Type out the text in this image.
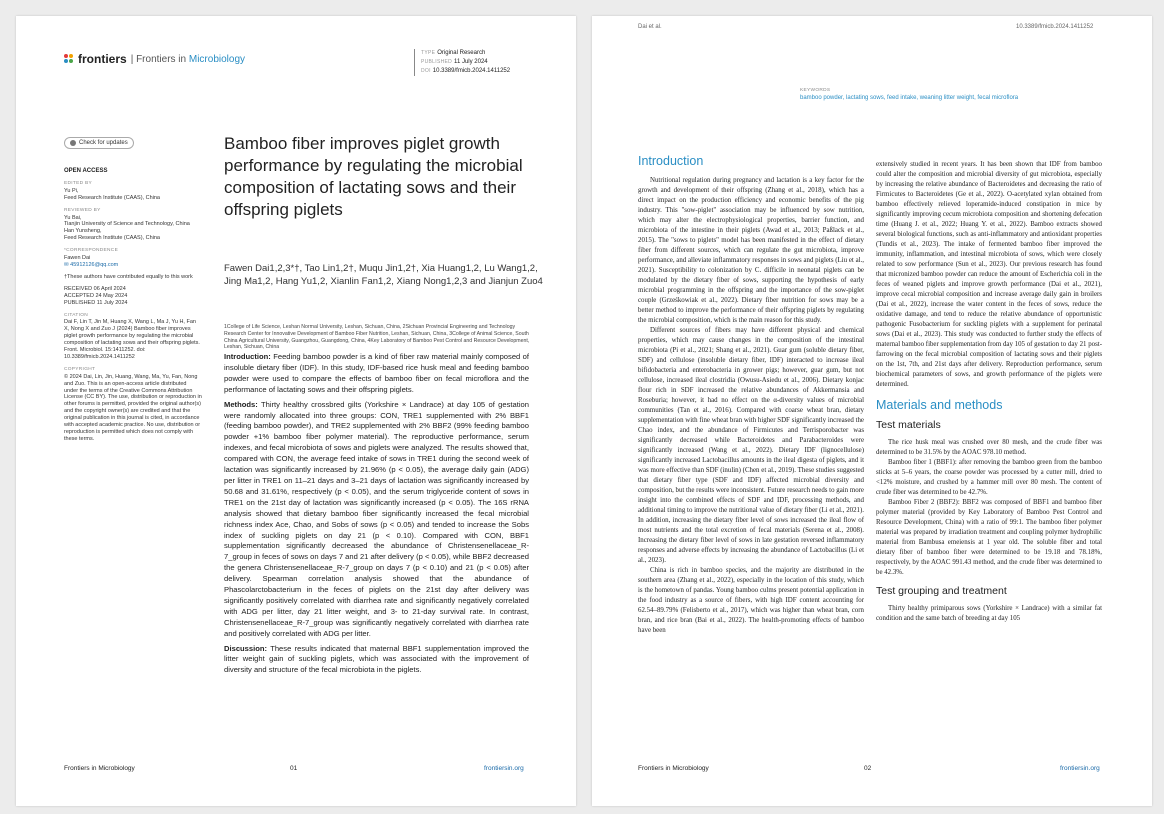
frontiers | Frontiers in Microbiology
TYPE Original Research
PUBLISHED 11 July 2024
DOI 10.3389/fmicb.2024.1411252
Check for updates
OPEN ACCESS
EDITED BY

Yu Pi,

Feed Research Institute (CAAS), China

REVIEWED BY

Yu Bai,

Tianjin University of Science and Technology, China

Han Yunsheng,

Feed Research Institute (CAAS), China

*CORRESPONDENCE

Fawen Dai

✉ 45912126@qq.com

†These authors have contributed equally to this work

RECEIVED 06 April 2024

ACCEPTED 24 May 2024

PUBLISHED 11 July 2024

CITATION

Dai F, Lin T, Jin M, Huang X, Wang L, Ma J, Yu H, Fan X, Nong X and Zuo J (2024) Bamboo fiber improves piglet growth performance by regulating the microbial composition of lactating sows and their offspring piglets. Front. Microbiol. 15:1411252. doi: 10.3389/fmicb.2024.1411252

COPYRIGHT

© 2024 Dai, Lin, Jin, Huang, Wang, Ma, Yu, Fan, Nong and Zuo. This is an open-access article distributed under the terms of the Creative Commons Attribution License (CC BY). The use, distribution or reproduction in other forums is permitted, provided the original author(s) and the copyright owner(s) are credited and that the original publication in this journal is cited, in accordance with accepted academic practice. No use, distribution or reproduction is permitted which does not comply with these terms.

Bamboo fiber improves piglet growth performance by regulating the microbial composition of lactating sows and their offspring piglets
Fawen Dai1,2,3*†, Tao Lin1,2†, Muqu Jin1,2†, Xia Huang1,2, Lu Wang1,2, Jing Ma1,2, Hang Yu1,2, Xianlin Fan1,2, Xiang Nong1,2,3 and Jianjun Zuo4
1College of Life Science, Leshan Normal University, Leshan, Sichuan, China, 2Sichuan Provincial Engineering and Technology Research Center for Innovative Development of Bamboo Fiber Nutrition, Leshan, Sichuan, China, 3College of Animal Science, South China Agricultural University, Guangzhou, Guangdong, China, 4Key Laboratory of Bamboo Pest Control and Resource Development, Leshan, Sichuan, China

Introduction: Feeding bamboo powder is a kind of fiber raw material mainly composed of insoluble dietary fiber (IDF). In this study, IDF-based rice husk meal and feeding bamboo powder were used to compare the effects of bamboo fiber on fecal microflora and the performance of lactating sows and their offspring piglets.

Methods: Thirty healthy crossbred gilts (Yorkshire × Landrace) at day 105 of gestation were randomly allocated into three groups: CON, TRE1 supplemented with 2% BBF1 (feeding bamboo powder), and TRE2 supplemented with 2% BBF2 (99% feeding bamboo powder +1% bamboo fiber polymer material). The reproductive performance, serum indexes, and fecal microbiota of sows and piglets were analyzed. The results showed that, compared with CON, the average feed intake of sows in TRE1 during the second week of lactation was significantly increased by 21.96% (p < 0.05), the average daily gain (ADG) per litter in TRE1 on 11–21 days and 3–21 days of lactation was significantly increased by 50.68 and 31.61%, respectively (p < 0.05), and the serum triglyceride content of sows in TRE1 on the 21st day of lactation was significantly increased (p < 0.05). The 16S rRNA analysis showed that dietary bamboo fiber significantly increased the fecal microbial richness index Ace, Chao, and Sobs of sows (p < 0.05) and tended to increase the Sobs index of suckling piglets on day 21 (p < 0.10). Compared with CON, BBF1 supplementation significantly decreased the abundance of Christensenellaceae_R-7_group in feces of sows on days 7 and 21 after delivery (p < 0.05), while BBF2 decreased the genera Christensenellaceae_R-7_group on days 7 (p < 0.10) and 21 (p < 0.05) after delivery. Spearman correlation analysis showed that the abundance of Phascolarctobacterium in the feces of piglets on the 21st day after delivery was significantly positively correlated with diarrhea rate and significantly negatively correlated with ADG per litter, day 21 litter weight, and 3- to 21-day survival rate. In contrast, Christensenellaceae_R-7_group was significantly negatively correlated with diarrhea rate and positively correlated with ADG per litter.

Discussion: These results indicated that maternal BBF1 supplementation improved the litter weight gain of suckling piglets, which was associated with the improvement of diversity and structure of the fecal microbiota in the piglets.

Frontiers in Microbiology	01	frontiersin.org
Dai et al.	10.3389/fmicb.2024.1411252
KEYWORDS
bamboo powder, lactating sows, feed intake, weaning litter weight, fecal microflora
Introduction

Nutritional regulation during pregnancy and lactation is a key factor for the growth and development of their offspring (Zhang et al., 2018), which has a direct impact on the production efficiency and economic benefits of the pig industry. This "sow-piglet" association may be influenced by sow nutrition, which may alter the electrophysiological properties, barrier function, and microbiota of the intestine in their piglets (Awad et al., 2013; Paßlack et al., 2015). The "sows to piglets" model has been manifested in the effect of dietary fiber from different sources, which can regulate the gut microbiota, improve performance, and alleviate inflammatory responses in sows and piglets (Liu et al., 2021). Susceptibility to colonization by C. difficile in neonatal piglets can be modulated by the dietary fiber of sows, supporting the hypothesis of early microbial programming in the offspring and the importance of the sow-piglet couple (Grześkowiak et al., 2022). Dietary fiber nutrition for sows may be a better method to improve the performance of their offspring piglets by regulating the microbial composition, which is the main reason for this study.

Different sources of fibers may have different physical and chemical properties, which may cause changes in the composition of the intestinal microbiota (Pi et al., 2021; Shang et al., 2021). Guar gum (soluble dietary fiber, SDF) and cellulose (insoluble dietary fiber, IDF) interacted to increase ileal bifidobacteria and enterobacteria in grower pigs; however, guar gum, but not cellulose, increased ileal clostridia (Owusu-Asiedu et al., 2006). Dietary konjac flour rich in SDF increased the relative abundances of Akkermansia and Roseburia; however, it had no effect on the α-diversity values of microbial communities (Tan et al., 2016). Compared with coarse wheat bran, dietary supplementation with fine wheat bran with higher SDF significantly increased the Chao index, and the abundance of Firmicutes and Terrisporobacter was significantly decreased while Bacteroidetes and Parabacteroides were significantly increased (Wang et al., 2022). Dietary IDF (lignocellulose) significantly increased Lactobacillus amounts in the ileal digesta of piglets, and it was more effective than SDF (inulin) (Chen et al., 2019). These studies suggested that dietary fiber type (SDF and IDF) affected microbial diversity and composition, but the results were inconsistent. Future research needs to gain more insight into the combined effects of SDF and IDF, processing methods, and additional timing to improve the nutritional value of dietary fiber (Li et al., 2021). In addition, increasing the dietary fiber level of sows increased the ileal flow of most nutrients and the total excretion of fecal materials (Serena et al., 2008). Increasing the dietary fiber level of sows in late gestation reversed inflammatory responses and adverse effects by increasing the abundance of Lactobacillus (Li et al., 2023).

China is rich in bamboo species, and the majority are distributed in the southern area (Zhang et al., 2022), especially in the location of this study, which is the hometown of pandas. Young bamboo culms present potential application in the food industry as a source of fibers, with high IDF content accounting for 62.54–89.79% (Felisberto et al., 2017), which was higher than wheat bran, corn bran, and rice bran (Bai et al., 2022). The health-promoting effects of bamboo have been

extensively studied in recent years. It has been shown that IDF from bamboo could alter the composition and microbial diversity of gut microbiota, especially by increasing the relative abundance of Bacteroidetes and decreasing the ratio of Firmicutes to Bacteroidetes (Ge et al., 2022). O-acetylated xylan obtained from bamboo effectively relieved loperamide-induced constipation in mice by significantly improving cecum microbiota composition and shortening defecation time (Huang J. et al., 2022; Huang Y. et al., 2022). Bamboo extracts showed several biological functions, such as anti-inflammatory and antioxidant properties (Tundis et al., 2023). The intake of fermented bamboo fiber improved the immunity, inflammation, and intestinal microbiota of sows, which were closely related to sow performance (Sun et al., 2023). Our previous research has found that micronized bamboo powder can reduce the amount of Escherichia coli in the feces of weaned piglets and improve growth performance (Dai et al., 2021), improve cecal microbial composition and increase average daily gain in broilers (Dai et al., 2022), increase the water content in the feces of sows, reduce the oxidative damage, and tend to reduce the relative abundance of opportunistic pathogenic Fusobacterium for suckling piglets with a supplement for perinatal sows (Dai et al., 2023). This study was conducted to further study the effects of maternal bamboo fiber supplementation from day 105 of gestation to day 21 post-farrowing on the fecal microbial composition of lactating sows and their piglets on the 1st, 7th, and 21st days after delivery. Reproduction performance, serum biochemical parameters of sows, and growth performance of the piglets were determined.

Materials and methods
Test materials

The rice husk meal was crushed over 80 mesh, and the crude fiber was determined to be 31.5% by the AOAC 978.10 method.

Bamboo fiber 1 (BBF1): after removing the bamboo green from the bamboo sticks at 5–6 years, the coarse powder was processed by a cutter mill, dried to <12% moisture, and crushed by a hammer mill over 80 mesh. The content of crude fiber was determined to be 42.7%.

Bamboo Fiber 2 (BBF2): BBF2 was composed of BBF1 and bamboo fiber polymer material (provided by Key Laboratory of Bamboo Pest Control and Resource Development, China) with a ratio of 99:1. The bamboo fiber polymer material was prepared by irradiation treatment and coupling polymer hydrophilic material from Bambusa emeiensis at 1 year old. The soluble fiber and total dietary fiber of bamboo fiber were determined to be 19.18 and 78.18%, respectively, by the AOAC 991.43 method, and the crude fiber was determined to be 42.3%.

Test grouping and treatment

Thirty healthy primiparous sows (Yorkshire × Landrace) with a similar fat condition and the same batch of breeding at day 105

Frontiers in Microbiology	02	frontiersin.org
